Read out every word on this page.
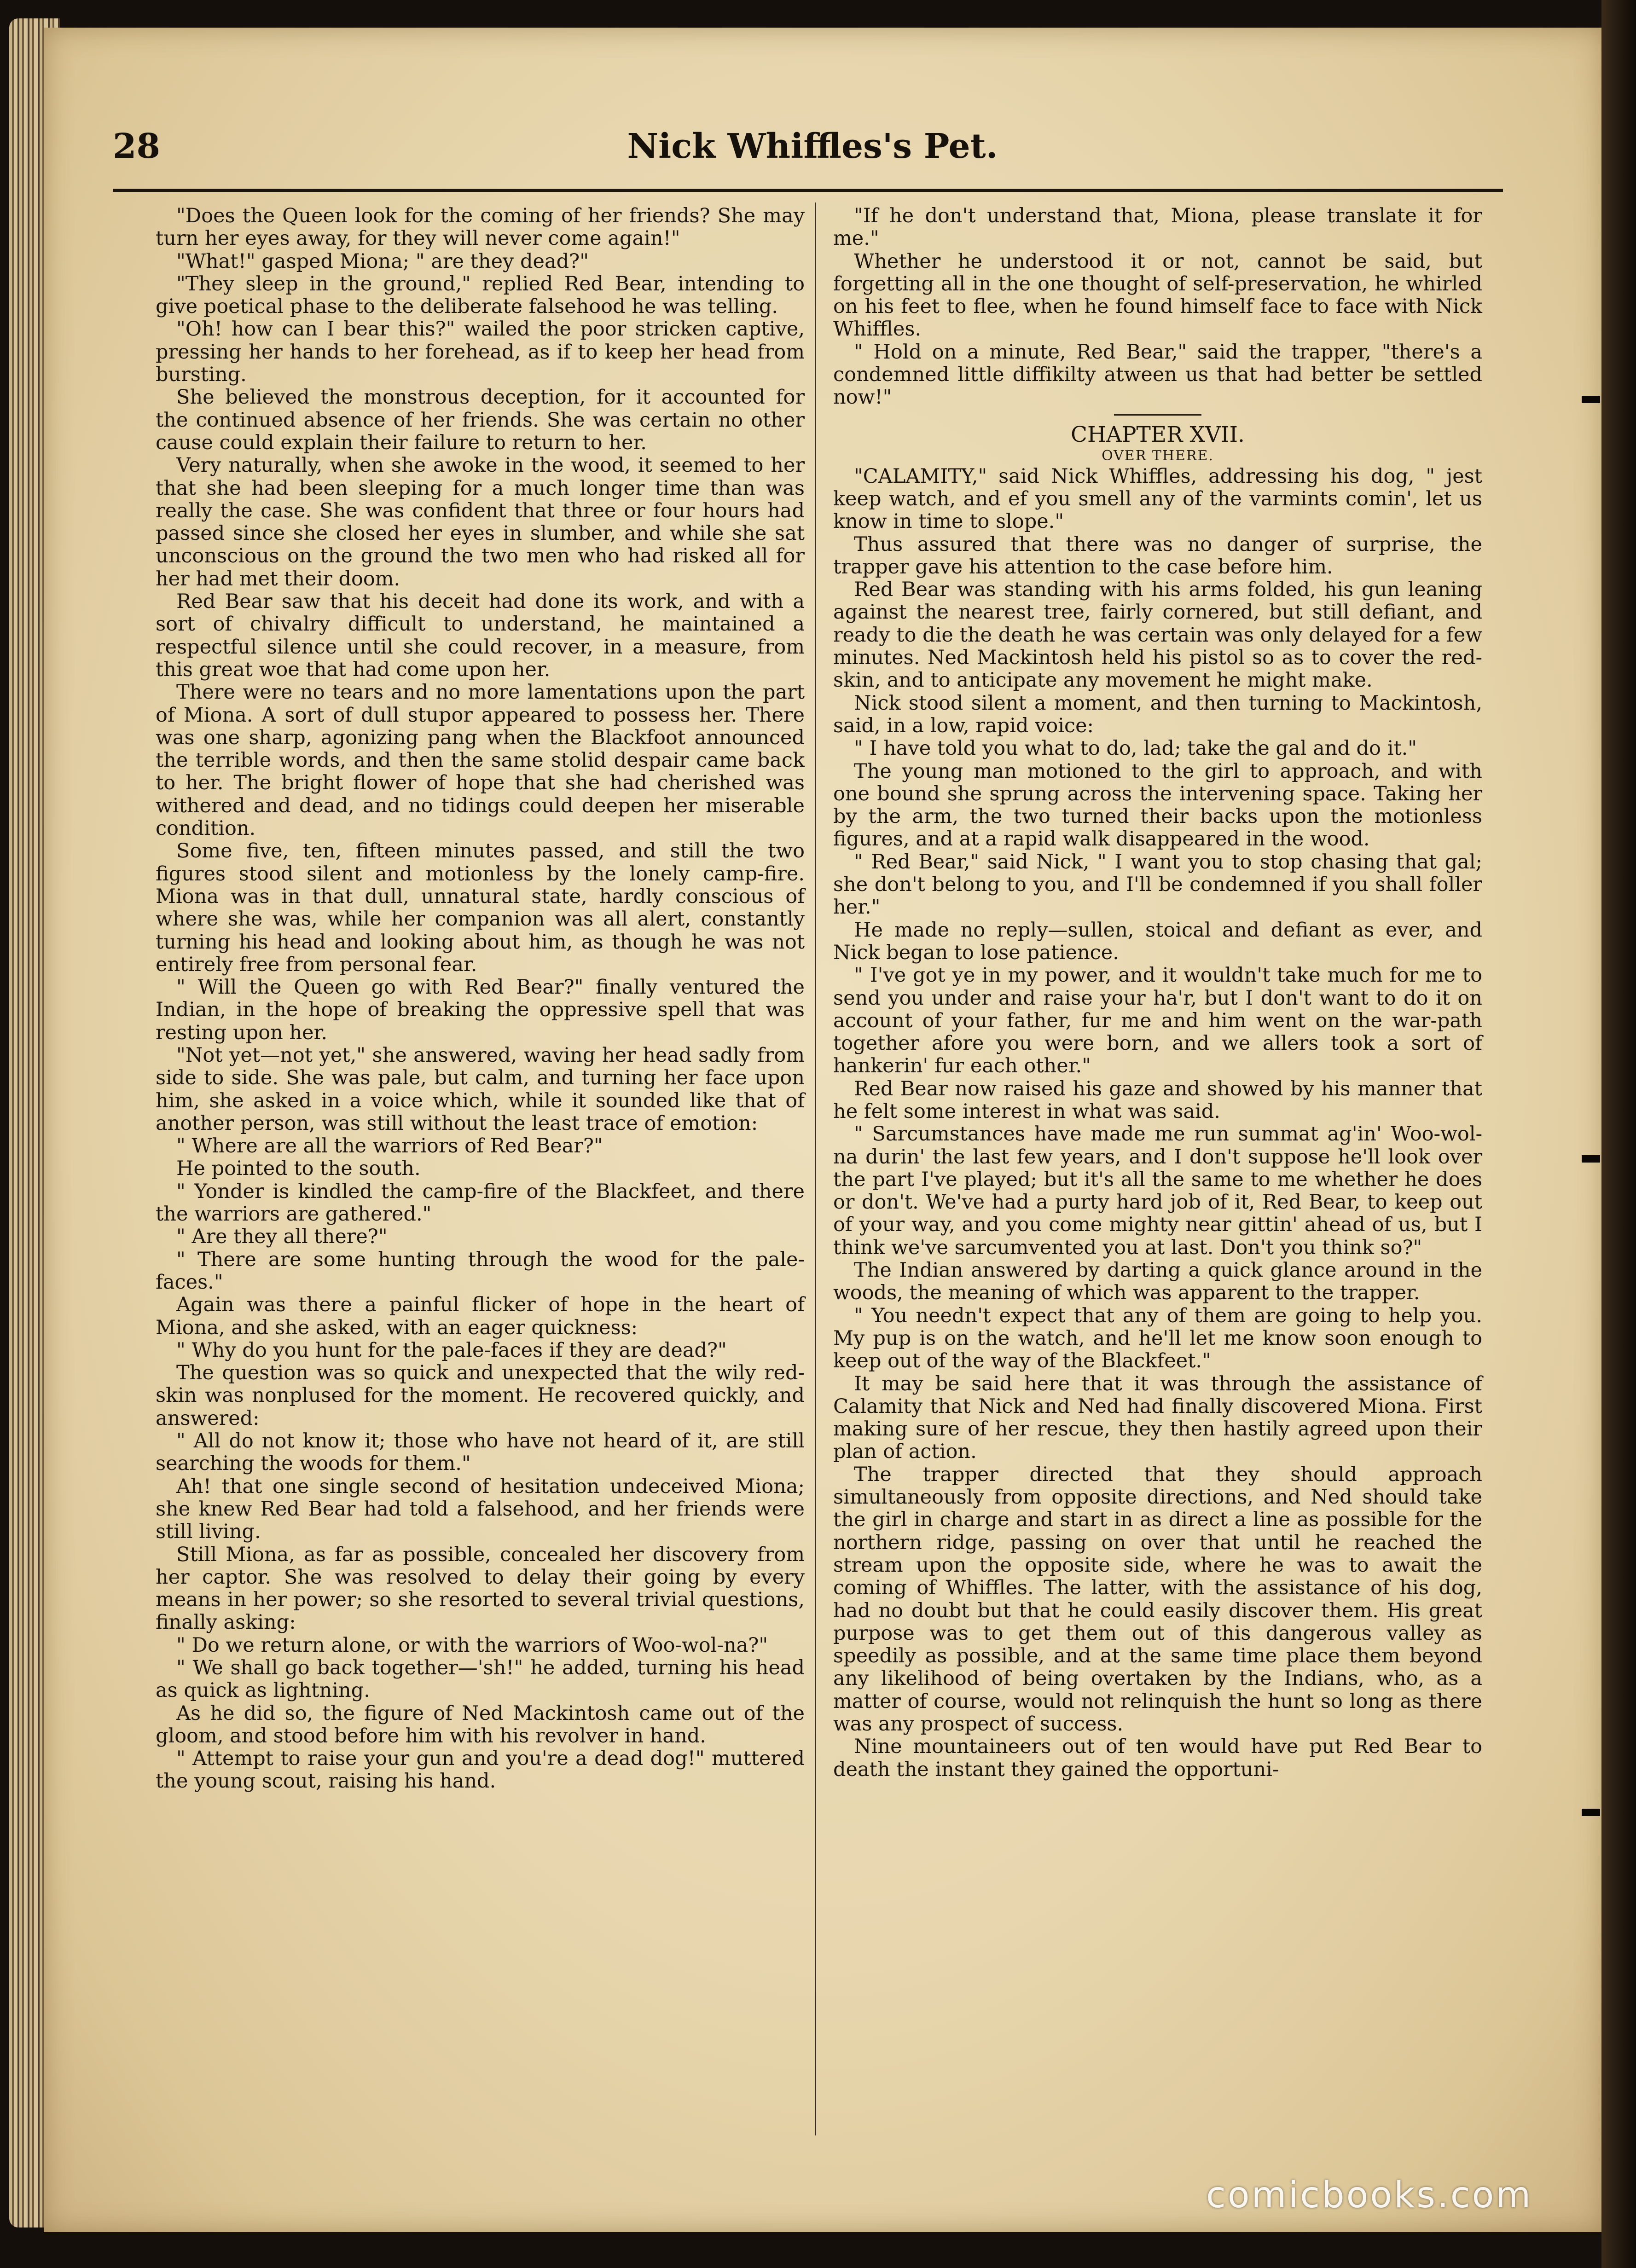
28	Nick Whiffles's Pet.

"Does the Queen look for the coming of her friends? She may turn her eyes away, for they will never come again!"

"What!" gasped Miona; " are they dead?"

"They sleep in the ground," replied Red Bear, intending to give poetical phase to the deliberate falsehood he was telling.

"Oh! how can I bear this?" wailed the poor stricken captive, pressing her hands to her forehead, as if to keep her head from bursting.

She believed the monstrous deception, for it accounted for the continued absence of her friends. She was certain no other cause could explain their failure to return to her.

Very naturally, when she awoke in the wood, it seemed to her that she had been sleeping for a much longer time than was really the case. She was confident that three or four hours had passed since she closed her eyes in slumber, and while she sat unconscious on the ground the two men who had risked all for her had met their doom.

Red Bear saw that his deceit had done its work, and with a sort of chivalry difficult to understand, he maintained a respectful silence until she could recover, in a measure, from this great woe that had come upon her.

There were no tears and no more lamentations upon the part of Miona. A sort of dull stupor appeared to possess her. There was one sharp, agonizing pang when the Blackfoot announced the terrible words, and then the same stolid despair came back to her. The bright flower of hope that she had cherished was withered and dead, and no tidings could deepen her miserable condition.

Some five, ten, fifteen minutes passed, and still the two figures stood silent and motionless by the lonely camp-fire. Miona was in that dull, unnatural state, hardly conscious of where she was, while her companion was all alert, constantly turning his head and looking about him, as though he was not entirely free from personal fear.

" Will the Queen go with Red Bear?" finally ventured the Indian, in the hope of breaking the oppressive spell that was resting upon her.

"Not yet—not yet," she answered, waving her head sadly from side to side. She was pale, but calm, and turning her face upon him, she asked in a voice which, while it sounded like that of another person, was still without the least trace of emotion:

" Where are all the warriors of Red Bear?"

He pointed to the south.

" Yonder is kindled the camp-fire of the Blackfeet, and there the warriors are gathered."

" Are they all there?"

" There are some hunting through the wood for the pale-faces."

Again was there a painful flicker of hope in the heart of Miona, and she asked, with an eager quickness:

" Why do you hunt for the pale-faces if they are dead?"

The question was so quick and unexpected that the wily red-skin was nonplused for the moment. He recovered quickly, and answered:

" All do not know it; those who have not heard of it, are still searching the woods for them."

Ah! that one single second of hesitation undeceived Miona; she knew Red Bear had told a falsehood, and her friends were still living.

Still Miona, as far as possible, concealed her discovery from her captor. She was resolved to delay their going by every means in her power; so she resorted to several trivial questions, finally asking:

" Do we return alone, or with the warriors of Woo-wol-na?"

" We shall go back together—'sh!" he added, turning his head as quick as lightning.

As he did so, the figure of Ned Mackintosh came out of the gloom, and stood before him with his revolver in hand.

" Attempt to raise your gun and you're a dead dog!" muttered the young scout, raising his hand.

"If he don't understand that, Miona, please translate it for me."

Whether he understood it or not, cannot be said, but forgetting all in the one thought of self-preservation, he whirled on his feet to flee, when he found himself face to face with Nick Whiffles.

" Hold on a minute, Red Bear," said the trapper, "there's a condemned little diffikilty atween us that had better be settled now!"

CHAPTER XVII.

OVER THERE.

"CALAMITY," said Nick Whiffles, addressing his dog, " jest keep watch, and ef you smell any of the varmints comin', let us know in time to slope."

Thus assured that there was no danger of surprise, the trapper gave his attention to the case before him.

Red Bear was standing with his arms folded, his gun leaning against the nearest tree, fairly cornered, but still defiant, and ready to die the death he was certain was only delayed for a few minutes. Ned Mackintosh held his pistol so as to cover the red-skin, and to anticipate any movement he might make.

Nick stood silent a moment, and then turning to Mackintosh, said, in a low, rapid voice:

" I have told you what to do, lad; take the gal and do it."

The young man motioned to the girl to approach, and with one bound she sprung across the intervening space. Taking her by the arm, the two turned their backs upon the motionless figures, and at a rapid walk disappeared in the wood.

" Red Bear," said Nick, " I want you to stop chasing that gal; she don't belong to you, and I'll be condemned if you shall foller her."

He made no reply—sullen, stoical and defiant as ever, and Nick began to lose patience.

" I've got ye in my power, and it wouldn't take much for me to send you under and raise your ha'r, but I don't want to do it on account of your father, fur me and him went on the war-path together afore you were born, and we allers took a sort of hankerin' fur each other."

Red Bear now raised his gaze and showed by his manner that he felt some interest in what was said.

" Sarcumstances have made me run summat ag'in' Woo-wol-na durin' the last few years, and I don't suppose he'll look over the part I've played; but it's all the same to me whether he does or don't. We've had a purty hard job of it, Red Bear, to keep out of your way, and you come mighty near gittin' ahead of us, but I think we've sarcumvented you at last. Don't you think so?"

The Indian answered by darting a quick glance around in the woods, the meaning of which was apparent to the trapper.

" You needn't expect that any of them are going to help you. My pup is on the watch, and he'll let me know soon enough to keep out of the way of the Blackfeet."

It may be said here that it was through the assistance of Calamity that Nick and Ned had finally discovered Miona. First making sure of her rescue, they then hastily agreed upon their plan of action.

The trapper directed that they should approach simultaneously from opposite directions, and Ned should take the girl in charge and start in as direct a line as possible for the northern ridge, passing on over that until he reached the stream upon the opposite side, where he was to await the coming of Whiffles. The latter, with the assistance of his dog, had no doubt but that he could easily discover them. His great purpose was to get them out of this dangerous valley as speedily as possible, and at the same time place them beyond any likelihood of being overtaken by the Indians, who, as a matter of course, would not relinquish the hunt so long as there was any prospect of success.

Nine mountaineers out of ten would have put Red Bear to death the instant they gained the opportuni-

comicbooks.com
